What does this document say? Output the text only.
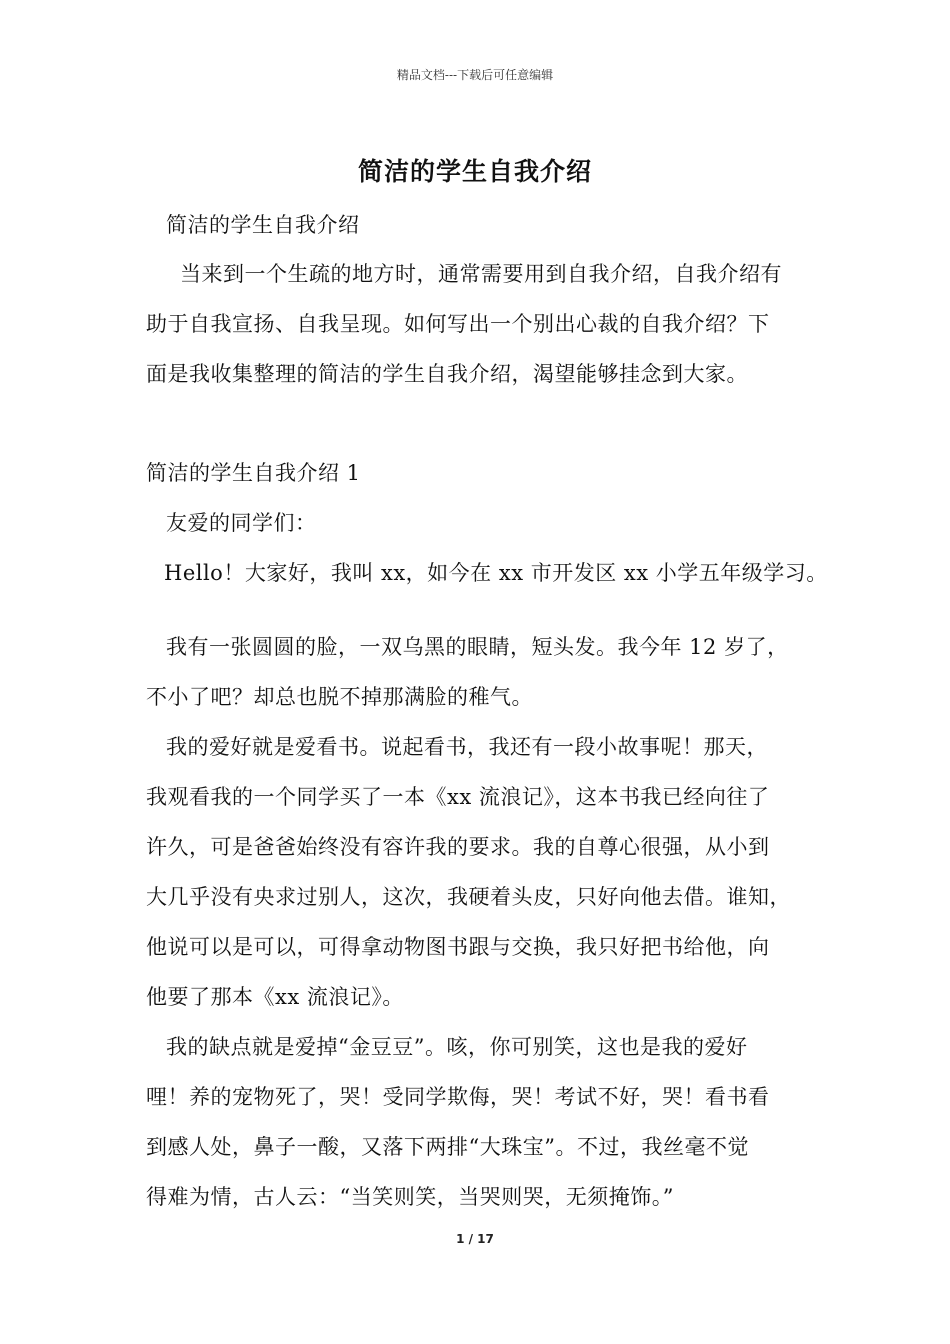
精品文档---下载后可任意编辑
简洁的学生自我介绍
简洁的学生自我介绍
当来到一个生疏的地方时，通常需要用到自我介绍，自我介绍有
助于自我宣扬、自我呈现。如何写出一个别出心裁的自我介绍？下
面是我收集整理的简洁的学生自我介绍，渴望能够挂念到大家。
简洁的学生自我介绍 1
友爱的同学们：
Hello！大家好，我叫 xx，如今在 xx 市开发区 xx 小学五年级学习。
我有一张圆圆的脸，一双乌黑的眼睛，短头发。我今年 12 岁了，
不小了吧？却总也脱不掉那满脸的稚气。
我的爱好就是爱看书。说起看书，我还有一段小故事呢！那天，
我观看我的一个同学买了一本《xx 流浪记》，这本书我已经向往了
许久，可是爸爸始终没有容许我的要求。我的自尊心很强，从小到
大几乎没有央求过别人，这次，我硬着头皮，只好向他去借。谁知，
他说可以是可以，可得拿动物图书跟与交换，我只好把书给他，向
他要了那本《xx 流浪记》。
我的缺点就是爱掉“金豆豆”。咳，你可别笑，这也是我的爱好
哩！养的宠物死了，哭！受同学欺侮，哭！考试不好，哭！看书看
到感人处，鼻子一酸，又落下两排“大珠宝”。不过，我丝毫不觉
得难为情，古人云：“当笑则笑，当哭则哭，无须掩饰。”
1 / 17
